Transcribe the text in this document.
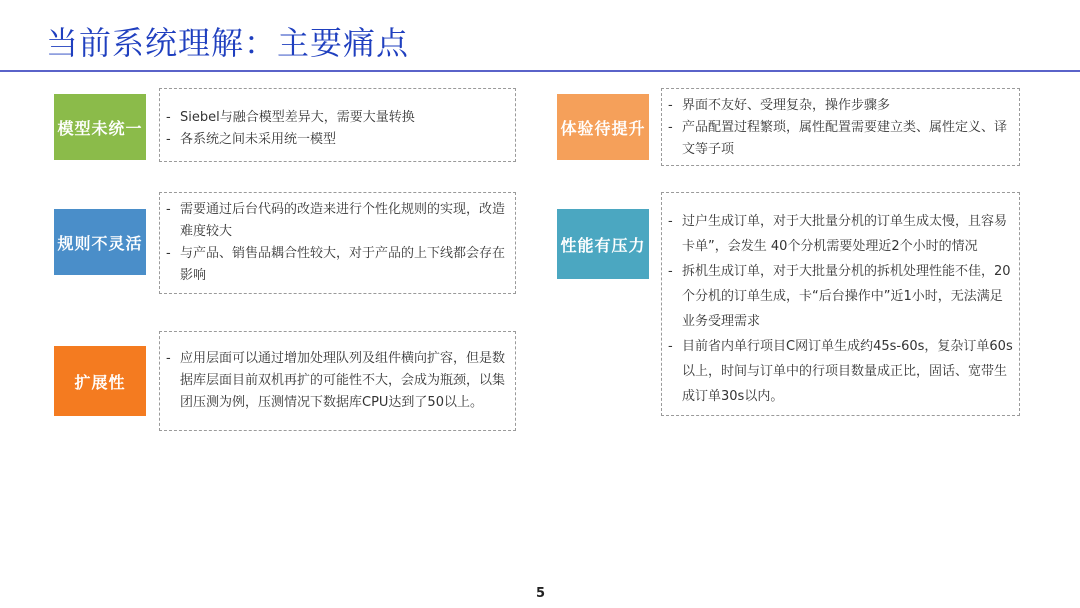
当前系统理解：主要痛点
模型未统一
- Siebel与融合模型差异大，需要大量转换
- 各系统之间未采用统一模型
规则不灵活
- 需要通过后台代码的改造来进行个性化规则的实现，改造难度较大
- 与产品、销售品耦合性较大，对于产品的上下线都会存在影响
扩展性
- 应用层面可以通过增加处理队列及组件横向扩容，但是数据库层面目前双机再扩的可能性不大，会成为瓶颈，以集团压测为例，压测情况下数据库CPU达到了50以上。
体验待提升
- 界面不友好、受理复杂，操作步骤多
- 产品配置过程繁琐，属性配置需要建立类、属性定义、译文等子项
性能有压力
- 过户生成订单，对于大批量分机的订单生成太慢，且容易卡单”，会发生 40个分机需要处理近2个小时的情况
- 拆机生成订单，对于大批量分机的拆机处理性能不佳，20个分机的订单生成，卡“后台操作中”近1小时，无法满足业务受理需求
- 目前省内单行项目C网订单生成约45s-60s，复杂订单60s以上，时间与订单中的行项目数量成正比，固话、宽带生成订单30s以内。
5
